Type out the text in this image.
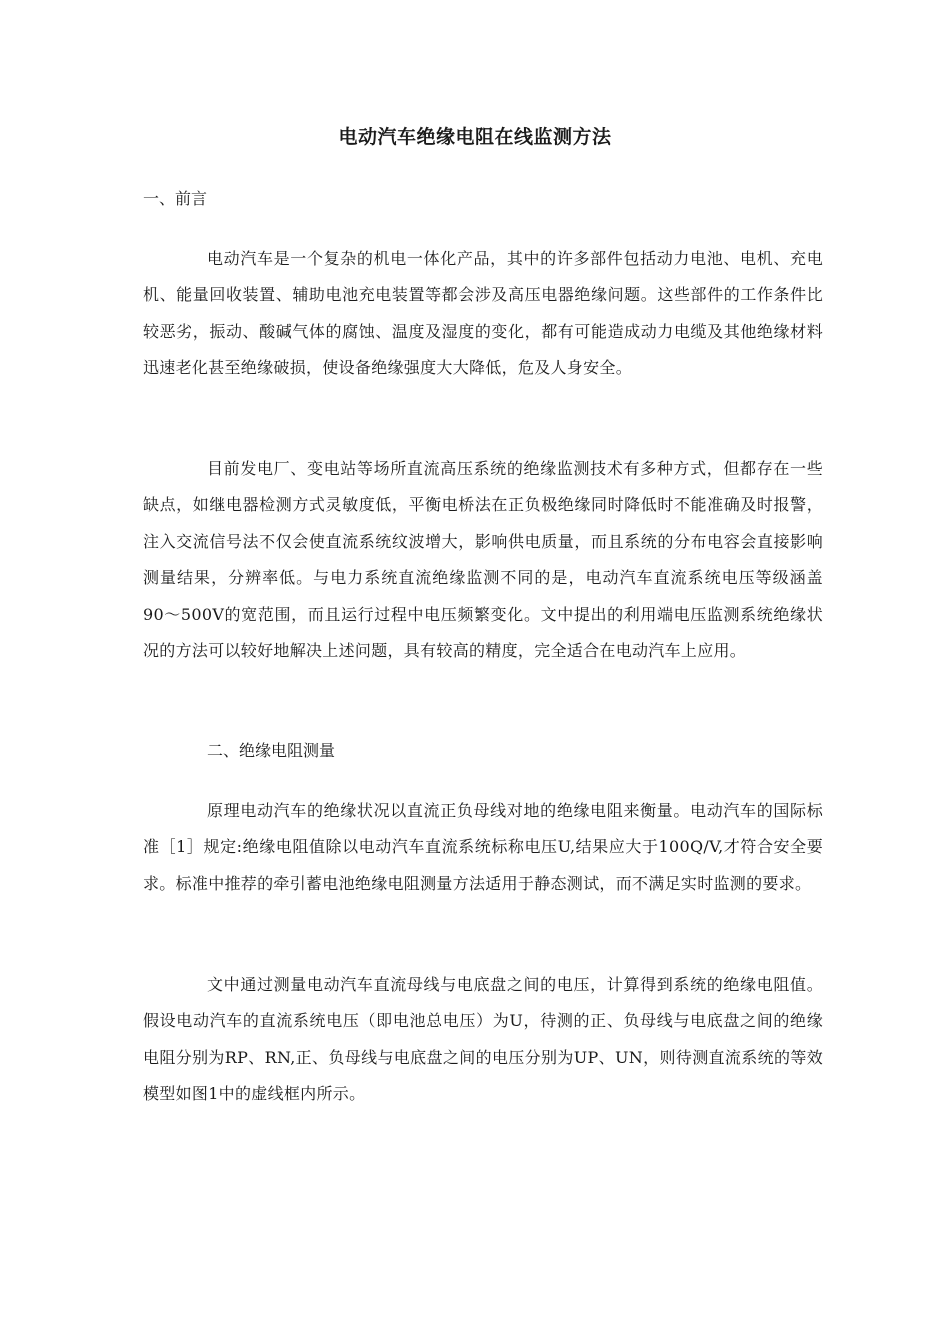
电动汽车绝缘电阻在线监测方法
一、前言

电动汽车是一个复杂的机电一体化产品，其中的许多部件包括动力电池、电机、充电机、能量回收装置、辅助电池充电装置等都会涉及高压电器绝缘问题。这些部件的工作条件比较恶劣，振动、酸碱气体的腐蚀、温度及湿度的变化，都有可能造成动力电缆及其他绝缘材料迅速老化甚至绝缘破损，使设备绝缘强度大大降低，危及人身安全。

目前发电厂、变电站等场所直流高压系统的绝缘监测技术有多种方式，但都存在一些缺点，如继电器检测方式灵敏度低，平衡电桥法在正负极绝缘同时降低时不能准确及时报警，注入交流信号法不仅会使直流系统纹波增大，影响供电质量，而且系统的分布电容会直接影响测量结果，分辨率低。与电力系统直流绝缘监测不同的是，电动汽车直流系统电压等级涵盖90〜500V的宽范围，而且运行过程中电压频繁变化。文中提出的利用端电压监测系统绝缘状况的方法可以较好地解决上述问题，具有较高的精度，完全适合在电动汽车上应用。

二、绝缘电阻测量

原理电动汽车的绝缘状况以直流正负母线对地的绝缘电阻来衡量。电动汽车的国际标准［1］规定:绝缘电阻值除以电动汽车直流系统标称电压U,结果应大于100Q/V,才符合安全要求。标准中推荐的牵引蓄电池绝缘电阻测量方法适用于静态测试，而不满足实时监测的要求。

文中通过测量电动汽车直流母线与电底盘之间的电压，计算得到系统的绝缘电阻值。假设电动汽车的直流系统电压（即电池总电压）为U，待测的正、负母线与电底盘之间的绝缘电阻分别为RP、RN,正、负母线与电底盘之间的电压分别为UP、UN，则待测直流系统的等效模型如图1中的虚线框内所示。
